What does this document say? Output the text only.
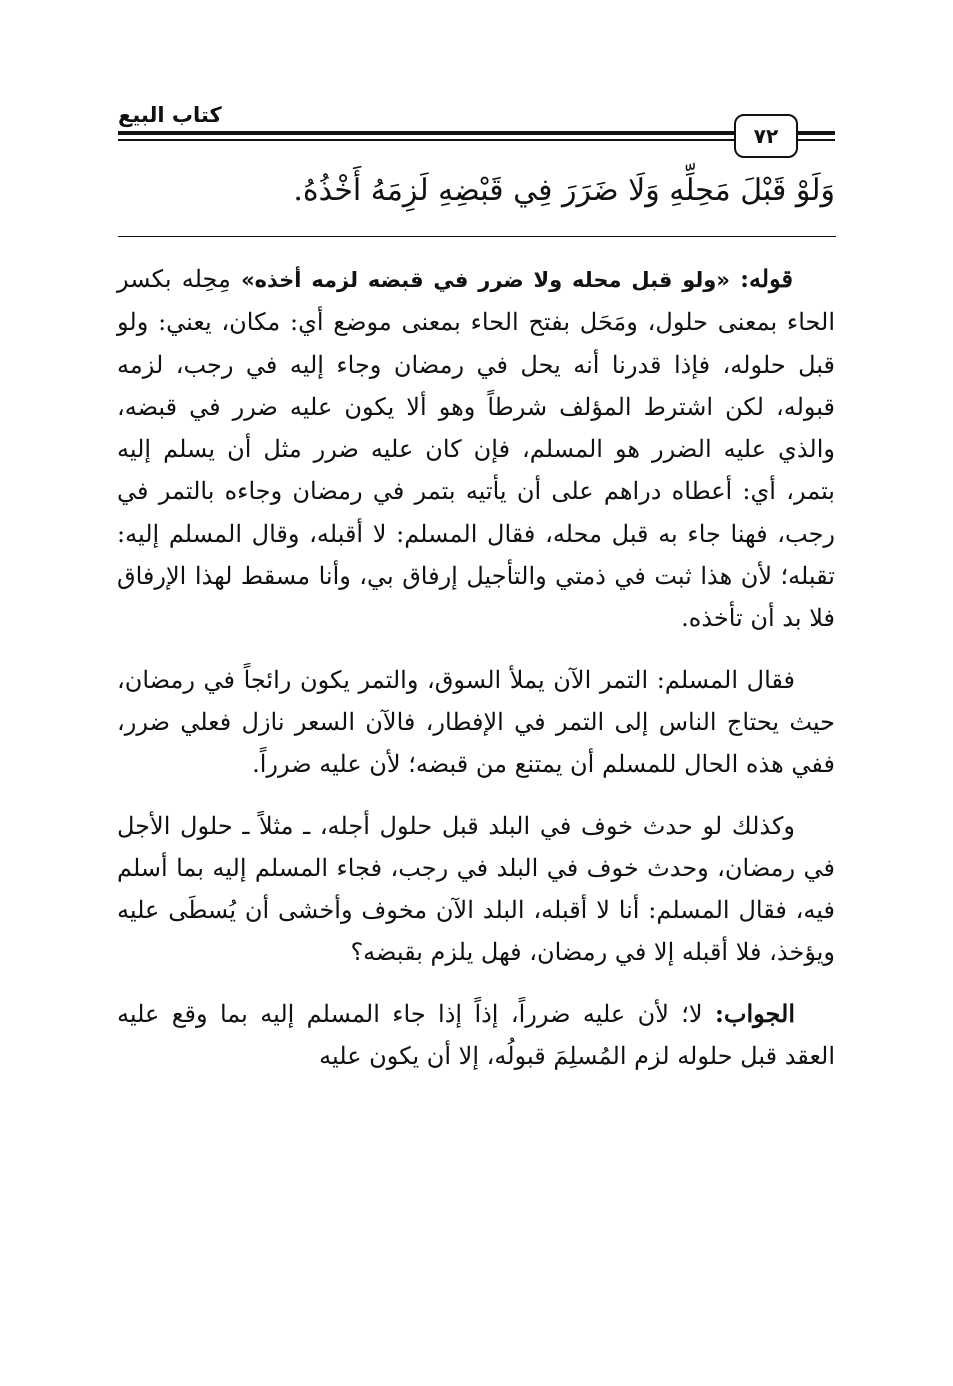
كتاب البيع
٧٢
وَلَوْ قَبْلَ مَحِلِّهِ وَلَا ضَرَرَ فِي قَبْضِهِ لَزِمَهُ أَخْذُهُ.

قوله: «ولو قبل محله ولا ضرر في قبضه لزمه أخذه» مِحِله بكسر الحاء بمعنى حلول، ومَحَل بفتح الحاء بمعنى موضع أي: مكان، يعني: ولو قبل حلوله، فإذا قدرنا أنه يحل في رمضان وجاء إليه في رجب، لزمه قبوله، لكن اشترط المؤلف شرطاً وهو ألا يكون عليه ضرر في قبضه، والذي عليه الضرر هو المسلم، فإن كان عليه ضرر مثل أن يسلم إليه بتمر، أي: أعطاه دراهم على أن يأتيه بتمر في رمضان وجاءه بالتمر في رجب، فهنا جاء به قبل محله، فقال المسلم: لا أقبله، وقال المسلم إليه: تقبله؛ لأن هذا ثبت في ذمتي والتأجيل إرفاق بي، وأنا مسقط لهذا الإرفاق فلا بد أن تأخذه.

فقال المسلم: التمر الآن يملأ السوق، والتمر يكون رائجاً في رمضان، حيث يحتاج الناس إلى التمر في الإفطار، فالآن السعر نازل فعلي ضرر، ففي هذه الحال للمسلم أن يمتنع من قبضه؛ لأن عليه ضرراً.

وكذلك لو حدث خوف في البلد قبل حلول أجله، ـ مثلاً ـ حلول الأجل في رمضان، وحدث خوف في البلد في رجب، فجاء المسلم إليه بما أسلم فيه، فقال المسلم: أنا لا أقبله، البلد الآن مخوف وأخشى أن يُسطَى عليه ويؤخذ، فلا أقبله إلا في رمضان، فهل يلزم بقبضه؟

الجواب: لا؛ لأن عليه ضرراً، إذاً إذا جاء المسلم إليه بما وقع عليه العقد قبل حلوله لزم المُسلِمَ قبولُه، إلا أن يكون عليه
